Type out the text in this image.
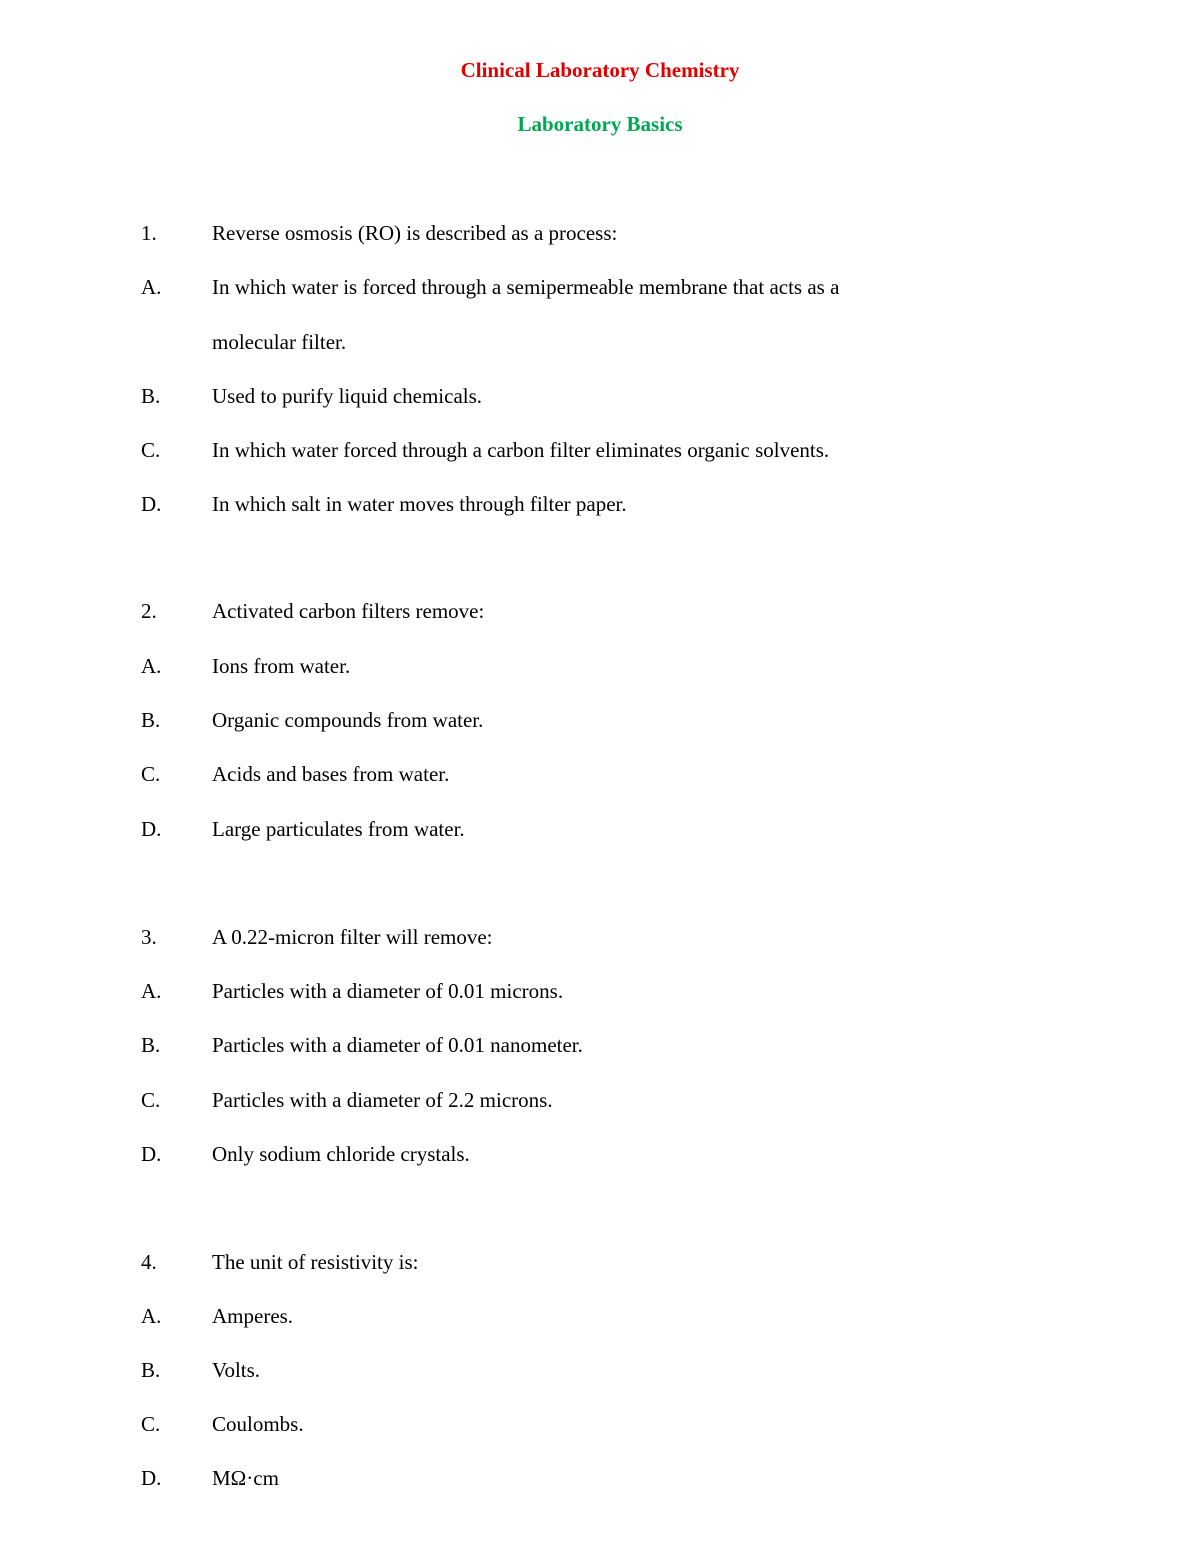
Clinical Laboratory Chemistry
Laboratory Basics
1.	Reverse osmosis (RO) is described as a process:
A. In which water is forced through a semipermeable membrane that acts as a
molecular filter.
B. Used to purify liquid chemicals.
C. In which water forced through a carbon filter eliminates organic solvents.
D. In which salt in water moves through filter paper.
2.	Activated carbon filters remove:
A. Ions from water.
B. Organic compounds from water.
C. Acids and bases from water.
D. Large particulates from water.
3.	A 0.22-micron filter will remove:
A. Particles with a diameter of 0.01 microns.
B. Particles with a diameter of 0.01 nanometer.
C. Particles with a diameter of 2.2 microns.
D. Only sodium chloride crystals.
4.	The unit of resistivity is:
A. Amperes.
B. Volts.
C. Coulombs.
D. MΩ·cm
